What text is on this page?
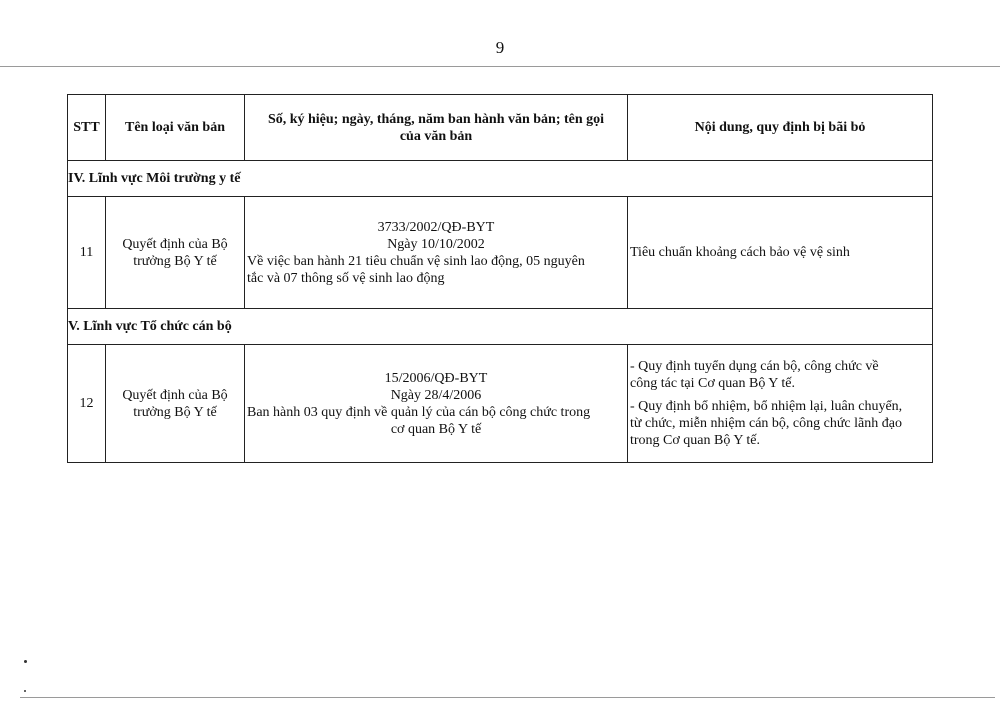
9
STT	Tên loại văn bản	Số, ký hiệu; ngày, tháng, năm ban hành văn bản; tên gọi
của văn bản	Nội dung, quy định bị bãi bỏ
IV. Lĩnh vực Môi trường y tế			
11	Quyết định của Bộ
trưởng Bộ Y tế	3733/2002/QĐ-BYT
Ngày 10/10/2002
Về việc ban hành 21 tiêu chuẩn vệ sinh lao động, 05 nguyên
tắc và 07 thông số vệ sinh lao động	Tiêu chuẩn khoảng cách bảo vệ vệ sinh
V. Lĩnh vực Tổ chức cán bộ			
12	Quyết định của Bộ
trưởng Bộ Y tế	15/2006/QĐ-BYT
Ngày 28/4/2006
Ban hành 03 quy định về quản lý của cán bộ công chức trong
cơ quan Bộ Y tế	- Quy định tuyển dụng cán bộ, công chức về
công tác tại Cơ quan Bộ Y tế.
- Quy định bổ nhiệm, bổ nhiệm lại, luân chuyển,
từ chức, miễn nhiệm cán bộ, công chức lãnh đạo
trong Cơ quan Bộ Y tế.
